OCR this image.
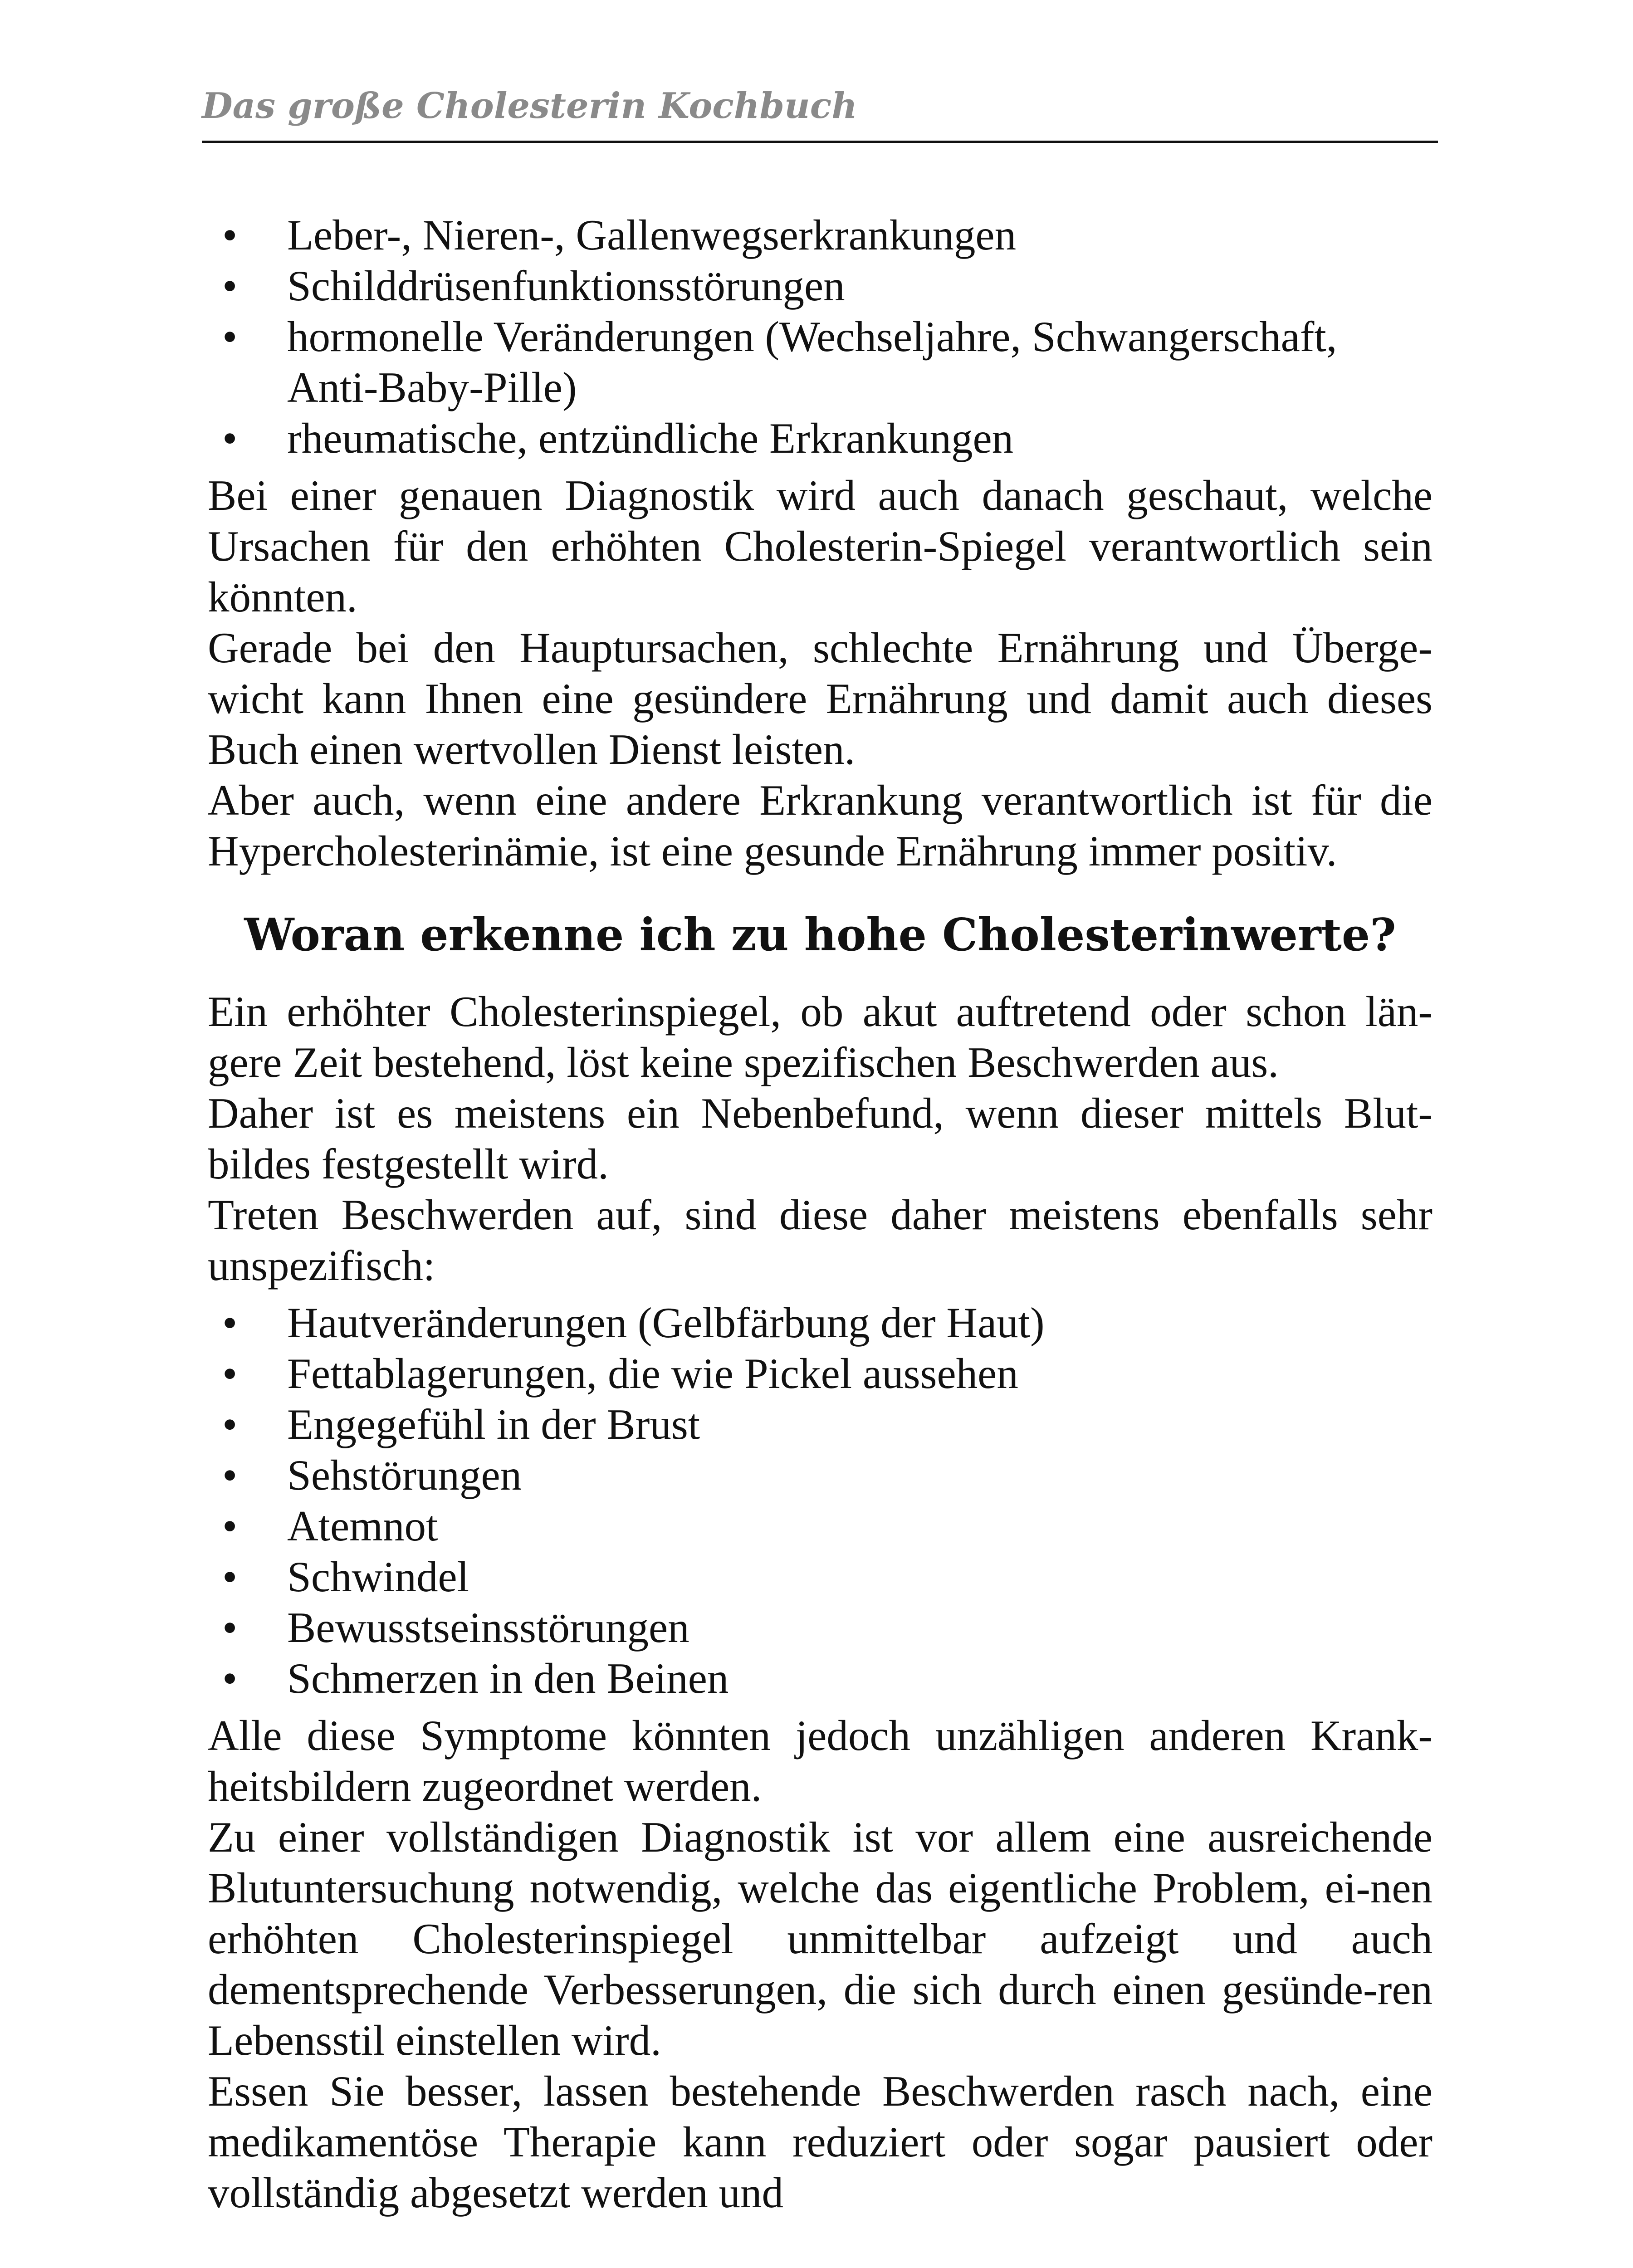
Das große Cholesterin Kochbuch
• Leber-, Nieren-, Gallenwegserkrankungen
• Schilddrüsenfunktionsstörungen
• hormonelle Veränderungen (Wechseljahre, Schwangerschaft, Anti-Baby-Pille)
• rheumatische, entzündliche Erkrankungen

Bei einer genauen Diagnostik wird auch danach geschaut, welche Ursachen für den erhöhten Cholesterin-Spiegel verantwortlich sein könnten.

Gerade bei den Hauptursachen, schlechte Ernährung und Überge-wicht kann Ihnen eine gesündere Ernährung und damit auch dieses Buch einen wertvollen Dienst leisten.

Aber auch, wenn eine andere Erkrankung verantwortlich ist für die Hypercholesterinämie, ist eine gesunde Ernährung immer positiv.

Woran erkenne ich zu hohe Cholesterinwerte?

Ein erhöhter Cholesterinspiegel, ob akut auftretend oder schon län-gere Zeit bestehend, löst keine spezifischen Beschwerden aus.

Daher ist es meistens ein Nebenbefund, wenn dieser mittels Blut-bildes festgestellt wird.

Treten Beschwerden auf, sind diese daher meistens ebenfalls sehr unspezifisch:

• Hautveränderungen (Gelbfärbung der Haut)
• Fettablagerungen, die wie Pickel aussehen
• Engegefühl in der Brust
• Sehstörungen
• Atemnot
• Schwindel
• Bewusstseinsstörungen
• Schmerzen in den Beinen

Alle diese Symptome könnten jedoch unzähligen anderen Krank-heitsbildern zugeordnet werden.

Zu einer vollständigen Diagnostik ist vor allem eine ausreichende Blutuntersuchung notwendig, welche das eigentliche Problem, ei-nen erhöhten Cholesterinspiegel unmittelbar aufzeigt und auch dementsprechende Verbesserungen, die sich durch einen gesünde-ren Lebensstil einstellen wird.

Essen Sie besser, lassen bestehende Beschwerden rasch nach, eine medikamentöse Therapie kann reduziert oder sogar pausiert oder vollständig abgesetzt werden und
